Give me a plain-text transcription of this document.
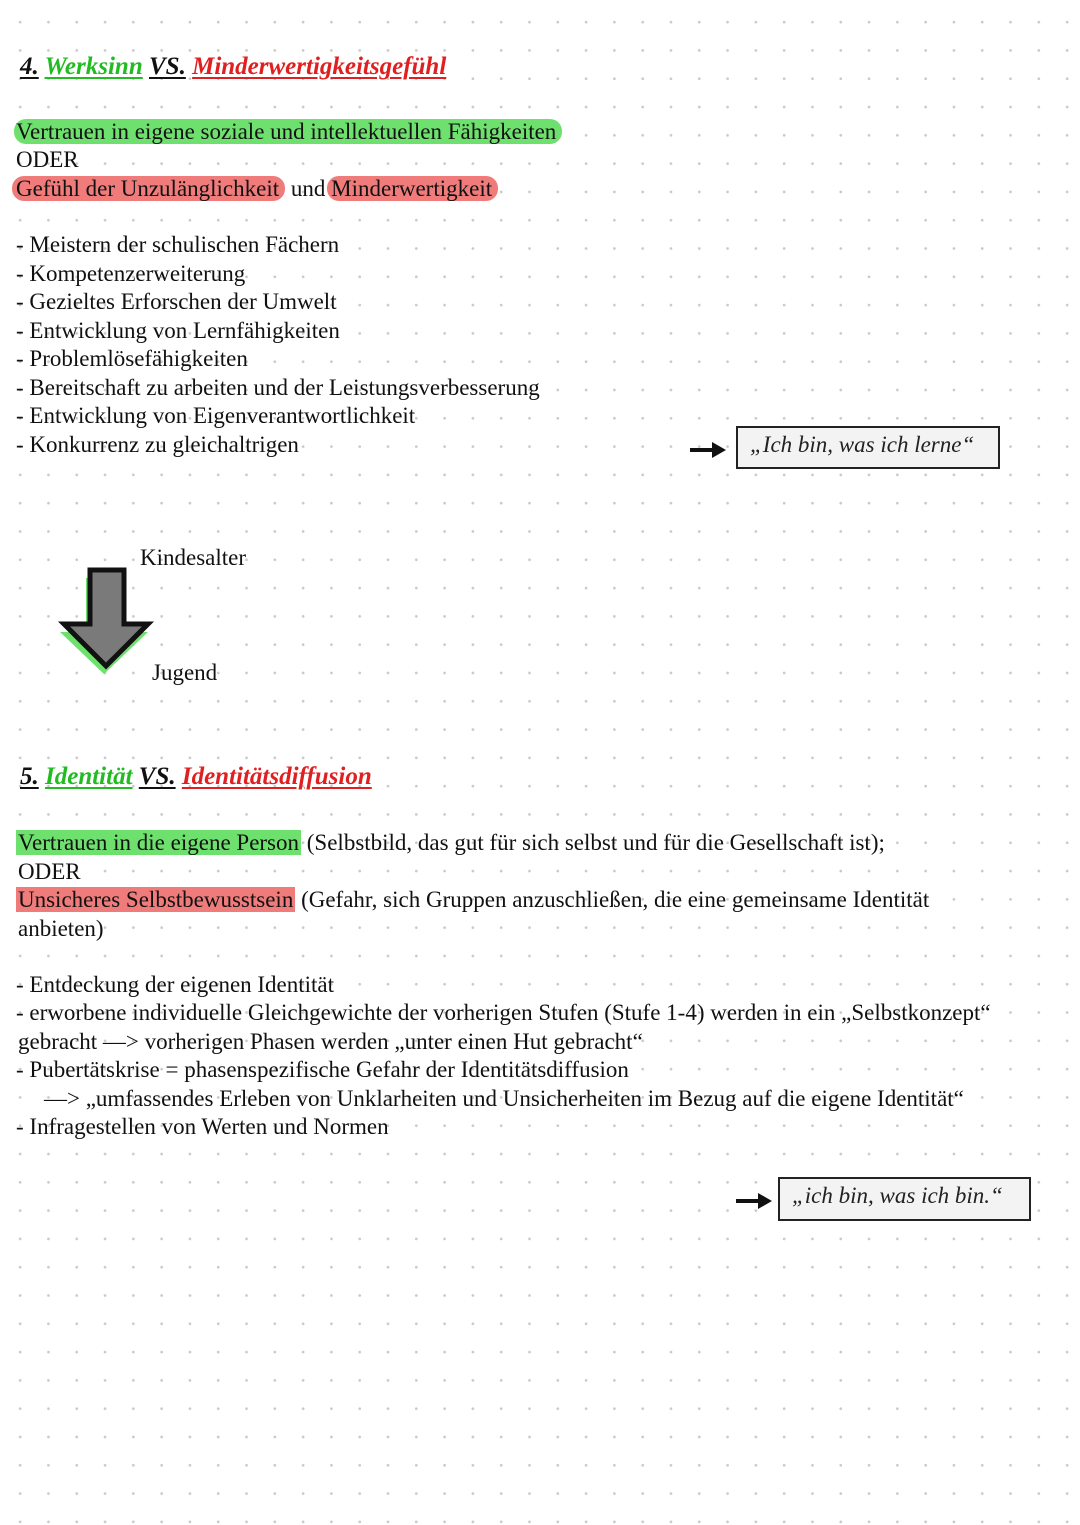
4. Werksinn VS. Minderwertigkeitsgefühl
Vertrauen in eigene soziale und intellektuellen Fähigkeiten
ODER
Gefühl der Unzulänglichkeit und Minderwertigkeit
- Meistern der schulischen Fächern
- Kompetenzerweiterung
- Gezieltes Erforschen der Umwelt
- Entwicklung von Lernfähigkeiten
- Problemlösefähigkeiten
- Bereitschaft zu arbeiten und der Leistungsverbesserung
- Entwicklung von Eigenverantwortlichkeit
- Konkurrenz zu gleichaltrigen	„Ich bin, was ich lerne“
Kindesalter
Jugend
5. Identität VS. Identitätsdiffusion
Vertrauen in die eigene Person (Selbstbild, das gut für sich selbst und für die Gesellschaft ist);
ODER
Unsicheres Selbstbewusstsein (Gefahr, sich Gruppen anzuschließen, die eine gemeinsame Identität
anbieten)
- Entdeckung der eigenen Identität
- erworbene individuelle Gleichgewichte der vorherigen Stufen (Stufe 1-4) werden in ein „Selbstkonzept“
gebracht —> vorherigen Phasen werden „unter einen Hut gebracht“
- Pubertätskrise = phasenspezifische Gefahr der Identitätsdiffusion
—> „umfassendes Erleben von Unklarheiten und Unsicherheiten im Bezug auf die eigene Identität“
- Infragestellen von Werten und Normen
„ich bin, was ich bin.“
